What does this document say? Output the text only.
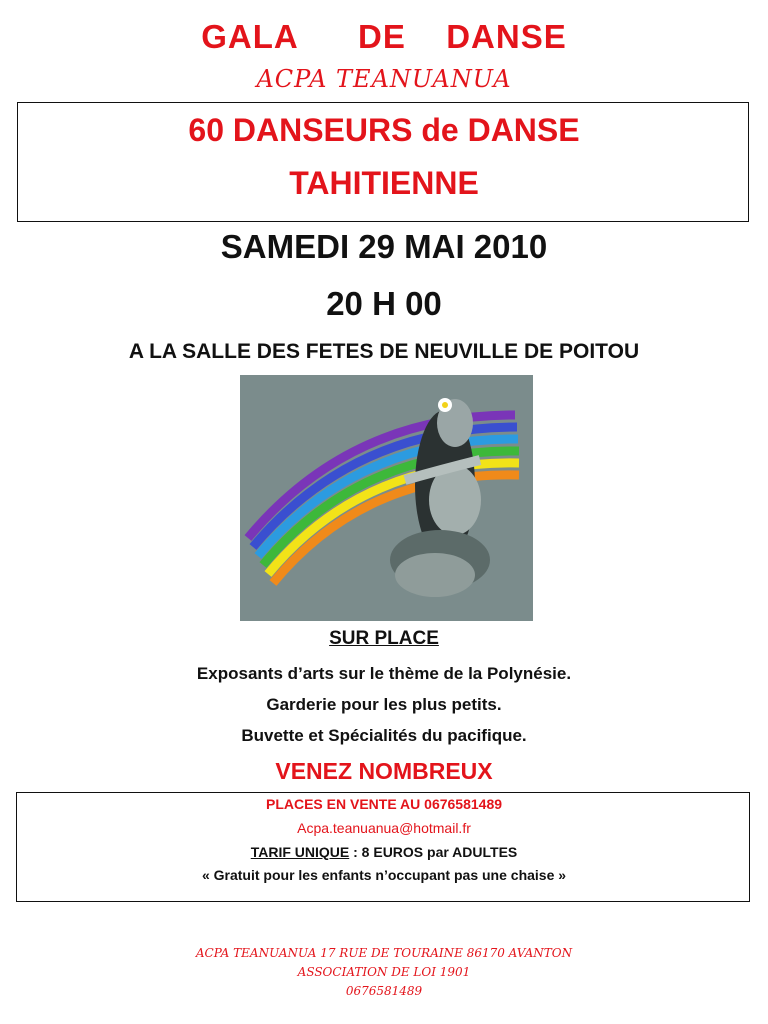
GALA   DE  DANSE
ACPA TEANUANUA
60 DANSEURS de DANSE
TAHITIENNE
SAMEDI 29 MAI 2010
20 H 00
A LA SALLE DES FETES DE NEUVILLE DE POITOU
SUR PLACE
Exposants d’arts sur le thème de la Polynésie.
Garderie pour les plus petits.
Buvette et Spécialités du pacifique.
VENEZ NOMBREUX
PLACES EN VENTE AU 0676581489
Acpa.teanuanua@hotmail.fr
TARIF UNIQUE : 8 EUROS par ADULTES
« Gratuit pour les enfants n’occupant pas une chaise »
ACPA TEANUANUA 17 RUE DE TOURAINE 86170 AVANTON
ASSOCIATION DE LOI 1901
0676581489
